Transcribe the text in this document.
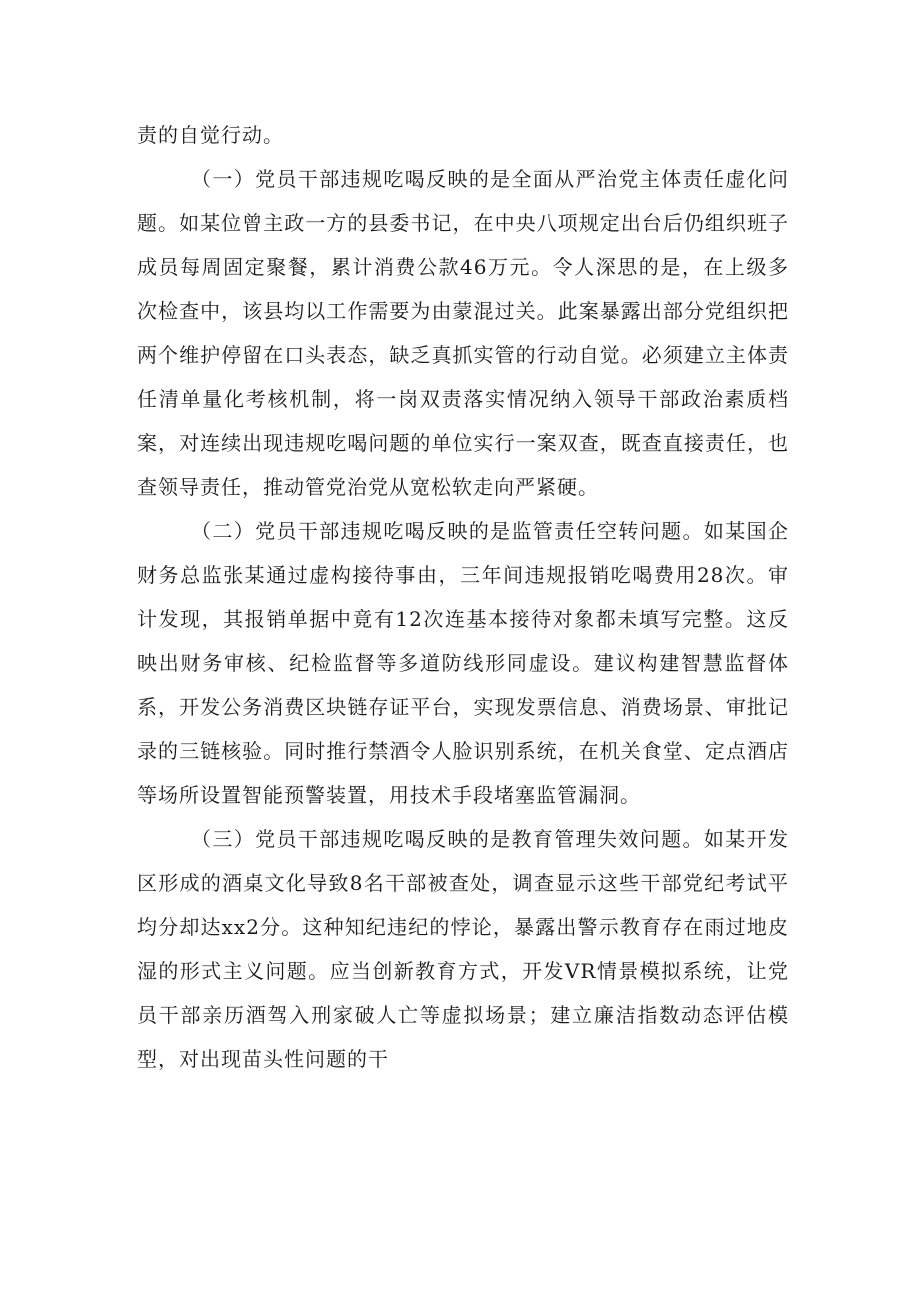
责的自觉行动。

（一）党员干部违规吃喝反映的是全面从严治党主体责任虚化问题。如某位曾主政一方的县委书记，在中央八项规定出台后仍组织班子成员每周固定聚餐，累计消费公款46万元。令人深思的是，在上级多次检查中，该县均以工作需要为由蒙混过关。此案暴露出部分党组织把两个维护停留在口头表态，缺乏真抓实管的行动自觉。必须建立主体责任清单量化考核机制，将一岗双责落实情况纳入领导干部政治素质档案，对连续出现违规吃喝问题的单位实行一案双查，既查直接责任，也查领导责任，推动管党治党从宽松软走向严紧硬。

（二）党员干部违规吃喝反映的是监管责任空转问题。如某国企财务总监张某通过虚构接待事由，三年间违规报销吃喝费用28次。审计发现，其报销单据中竟有12次连基本接待对象都未填写完整。这反映出财务审核、纪检监督等多道防线形同虚设。建议构建智慧监督体系，开发公务消费区块链存证平台，实现发票信息、消费场景、审批记录的三链核验。同时推行禁酒令人脸识别系统，在机关食堂、定点酒店等场所设置智能预警装置，用技术手段堵塞监管漏洞。

（三）党员干部违规吃喝反映的是教育管理失效问题。如某开发区形成的酒桌文化导致8名干部被查处，调查显示这些干部党纪考试平均分却达xx2分。这种知纪违纪的悖论，暴露出警示教育存在雨过地皮湿的形式主义问题。应当创新教育方式，开发VR情景模拟系统，让党员干部亲历酒驾入刑家破人亡等虚拟场景；建立廉洁指数动态评估模型，对出现苗头性问题的干
